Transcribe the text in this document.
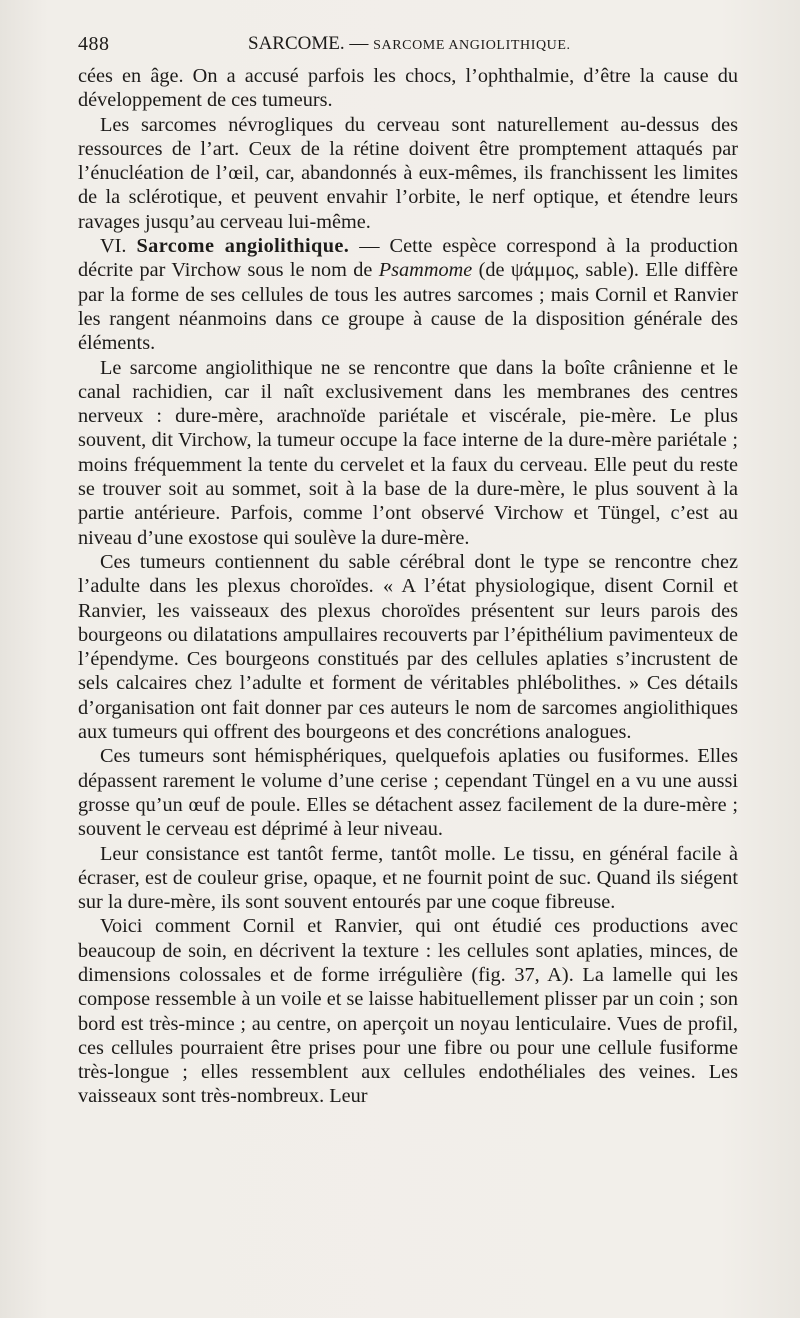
488	SARCOME. — SARCOME ANGIOLITHIQUE.

cées en âge. On a accusé parfois les chocs, l’ophthalmie, d’être la cause du développement de ces tumeurs.

Les sarcomes névrogliques du cerveau sont naturellement au-dessus des ressources de l’art. Ceux de la rétine doivent être promptement attaqués par l’énucléation de l’œil, car, abandonnés à eux-mêmes, ils franchissent les limites de la sclérotique, et peuvent envahir l’orbite, le nerf optique, et étendre leurs ravages jusqu’au cerveau lui-même.

VI. Sarcome angiolithique. — Cette espèce correspond à la production décrite par Virchow sous le nom de Psammome (de ψάμμος, sable). Elle diffère par la forme de ses cellules de tous les autres sarcomes ; mais Cornil et Ranvier les rangent néanmoins dans ce groupe à cause de la disposition générale des éléments.

Le sarcome angiolithique ne se rencontre que dans la boîte crânienne et le canal rachidien, car il naît exclusivement dans les membranes des centres nerveux : dure-mère, arachnoïde pariétale et viscérale, pie-mère. Le plus souvent, dit Virchow, la tumeur occupe la face interne de la dure-mère pariétale ; moins fréquemment la tente du cervelet et la faux du cerveau. Elle peut du reste se trouver soit au sommet, soit à la base de la dure-mère, le plus souvent à la partie antérieure. Parfois, comme l’ont observé Virchow et Tüngel, c’est au niveau d’une exostose qui soulève la dure-mère.

Ces tumeurs contiennent du sable cérébral dont le type se rencontre chez l’adulte dans les plexus choroïdes. « A l’état physiologique, disent Cornil et Ranvier, les vaisseaux des plexus choroïdes présentent sur leurs parois des bourgeons ou dilatations ampullaires recouverts par l’épithélium pavimenteux de l’épendyme. Ces bourgeons constitués par des cellules aplaties s’incrustent de sels calcaires chez l’adulte et forment de véritables phlébolithes. » Ces détails d’organisation ont fait donner par ces auteurs le nom de sarcomes angiolithiques aux tumeurs qui offrent des bourgeons et des concrétions analogues.

Ces tumeurs sont hémisphériques, quelquefois aplaties ou fusiformes. Elles dépassent rarement le volume d’une cerise ; cependant Tüngel en a vu une aussi grosse qu’un œuf de poule. Elles se détachent assez facilement de la dure-mère ; souvent le cerveau est déprimé à leur niveau.

Leur consistance est tantôt ferme, tantôt molle. Le tissu, en général facile à écraser, est de couleur grise, opaque, et ne fournit point de suc. Quand ils siégent sur la dure-mère, ils sont souvent entourés par une coque fibreuse.

Voici comment Cornil et Ranvier, qui ont étudié ces productions avec beaucoup de soin, en décrivent la texture : les cellules sont aplaties, minces, de dimensions colossales et de forme irrégulière (fig. 37, A). La lamelle qui les compose ressemble à un voile et se laisse habituellement plisser par un coin ; son bord est très-mince ; au centre, on aperçoit un noyau lenticulaire. Vues de profil, ces cellules pourraient être prises pour une fibre ou pour une cellule fusiforme très-longue ; elles ressemblent aux cellules endothéliales des veines. Les vaisseaux sont très-nombreux. Leur
